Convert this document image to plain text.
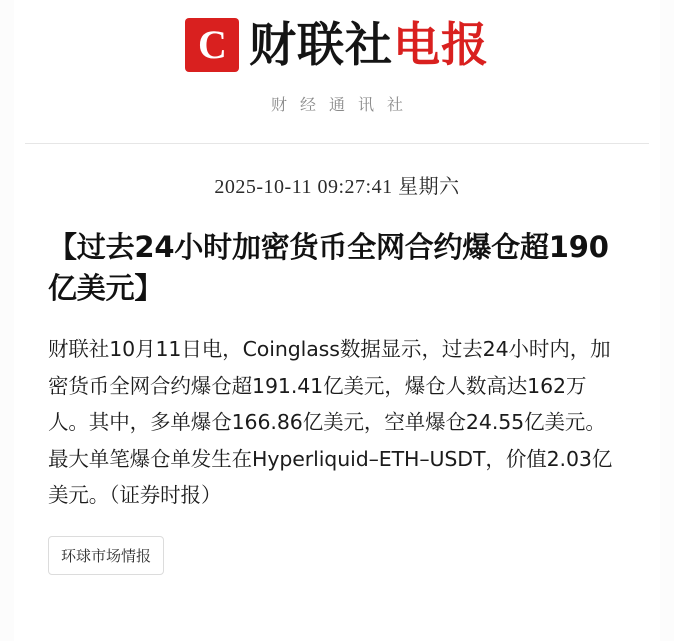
C 财联社 电报
财经通讯社
2025-10-11 09:27:41 星期六
【过去24小时加密货币全网合约爆仓超190亿美元】

财联社10月11日电，Coinglass数据显示，过去24小时内，加密货币全网合约爆仓超191.41亿美元，爆仓人数高达162万人。其中，多单爆仓166.86亿美元，空单爆仓24.55亿美元。最大单笔爆仓单发生在Hyperliquid–ETH–USDT，价值2.03亿美元。（证券时报）

环球市场情报
